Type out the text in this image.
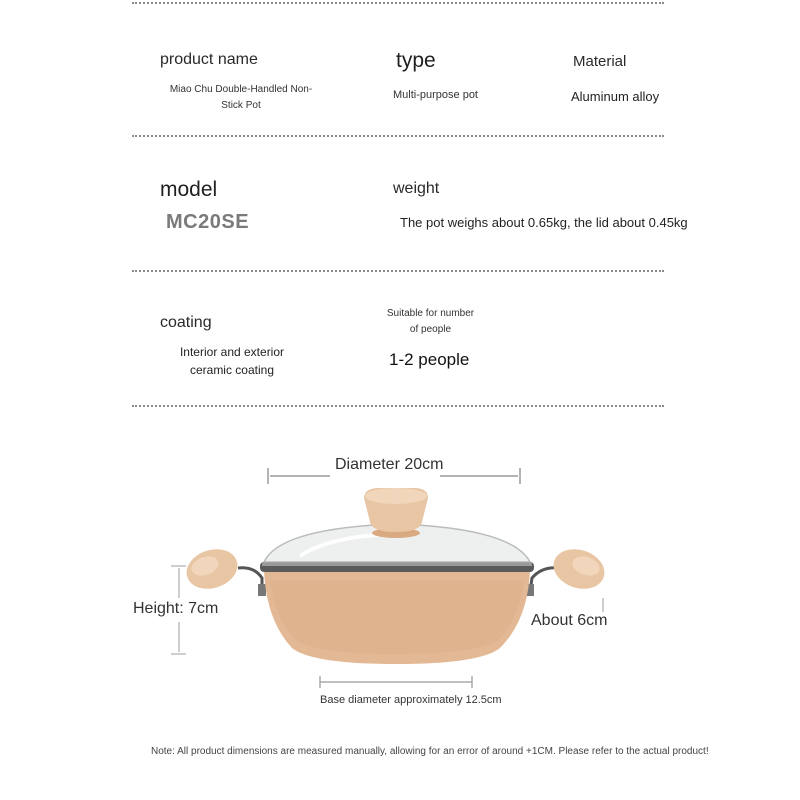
product name
Miao Chu Double-Handled Non-Stick Pot
type
Multi-purpose pot
Material
Aluminum alloy
model
MC20SE
weight
The pot weighs about 0.65kg, the lid about 0.45kg
coating
Interior and exterior ceramic coating
Suitable for number of people
1-2 people
Diameter 20cm
Height: 7cm
About 6cm
Base diameter approximately 12.5cm
Note: All product dimensions are measured manually, allowing for an error of around +1CM. Please refer to the actual product!
